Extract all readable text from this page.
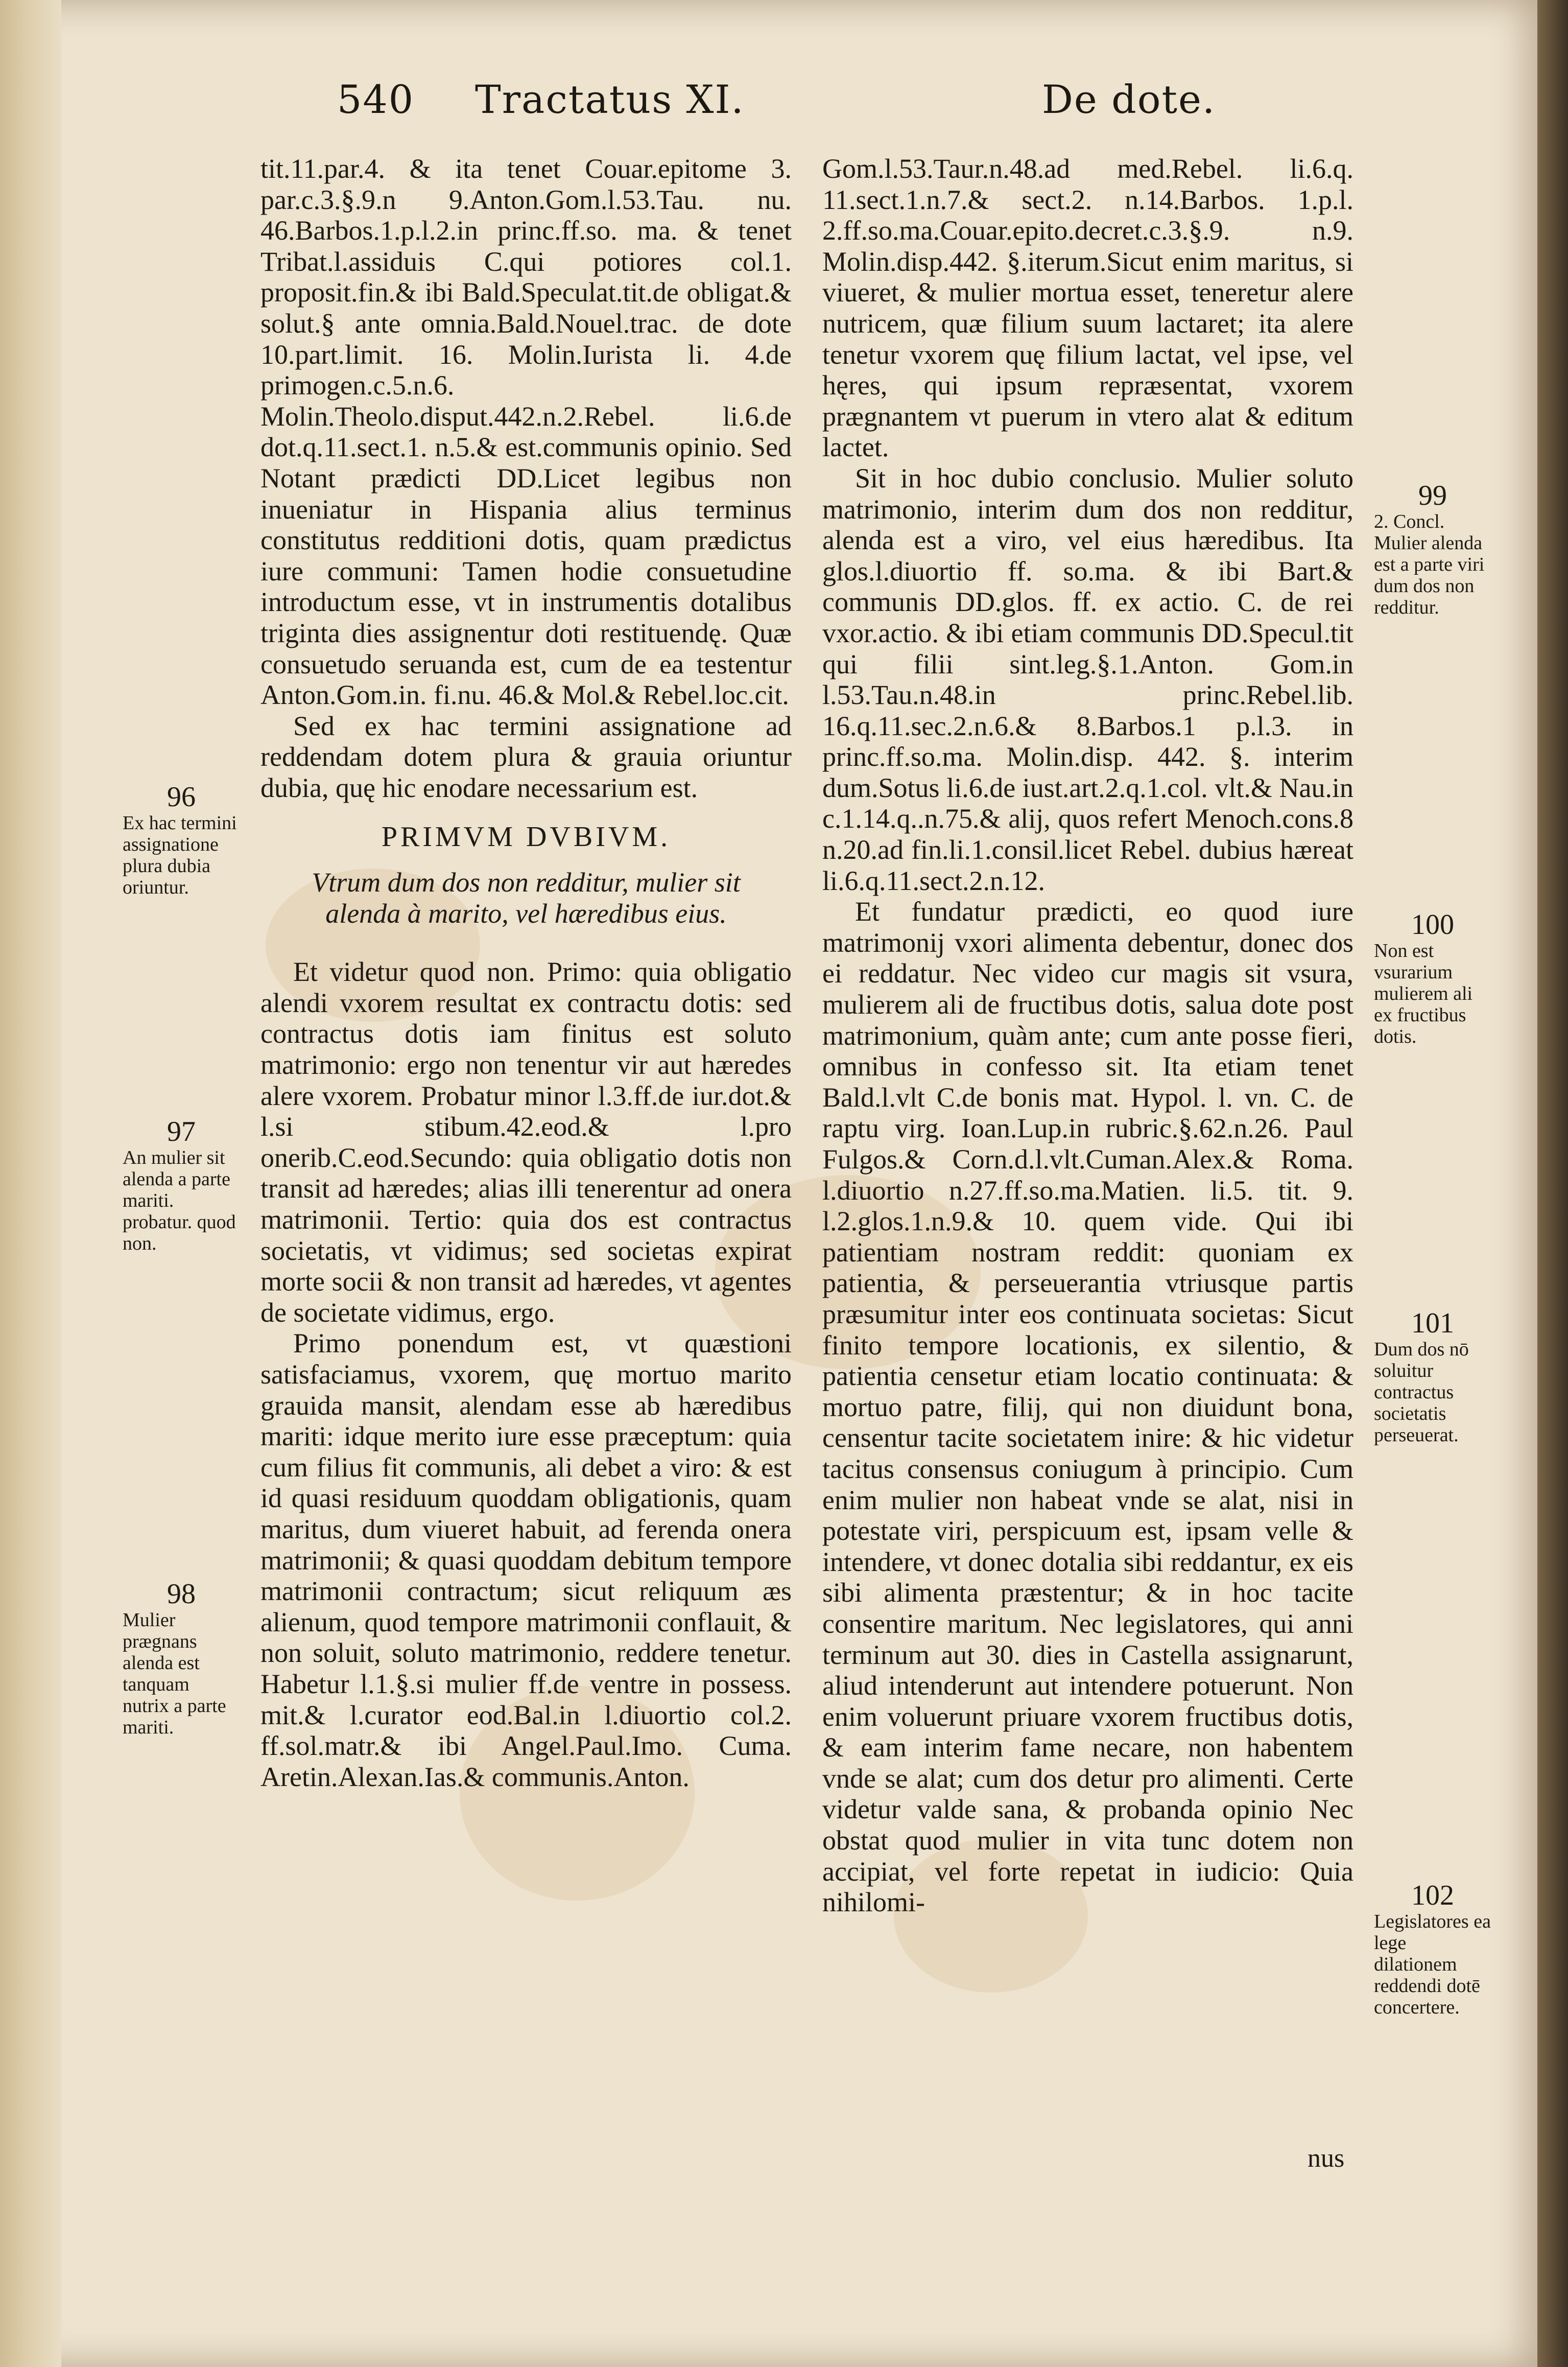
540 Tractatus XI.	De dote.
96
Ex hac termini assignatione plura dubia oriuntur.
97
An mulier sit alenda a parte mariti. probatur. quod non.
98
Mulier prægnans alenda est tanquam nutrix a parte mariti.

tit.11.par.4. & ita tenet Couar.epitome 3. par.c.3.§.9.n 9.Anton.Gom.l.53.Tau. nu. 46.Barbos.1.p.l.2.in princ.ff.so. ma. & tenet Tribat.l.assiduis C.qui potiores col.1. proposit.fin.& ibi Bald.Speculat.tit.de obligat.& solut.§ ante omnia.Bald.Nouel.trac. de dote 10.part.limit. 16. Molin.Iurista li. 4.de primogen.c.5.n.6. Molin.Theolo.disput.442.n.2.Rebel. li.6.de dot.q.11.sect.1. n.5.& est.communis opinio. Sed Notant prædicti DD.Licet legibus non inueniatur in Hispania alius terminus constitutus redditioni dotis, quam prædictus iure communi: Tamen hodie consuetudine introductum esse, vt in instrumentis dotalibus triginta dies assignentur doti restituendę. Quæ consuetudo seruanda est, cum de ea testentur Anton.Gom.in. fi.nu. 46.& Mol.& Rebel.loc.cit.

Sed ex hac termini assignatione ad reddendam dotem plura & grauia oriuntur dubia, quę hic enodare necessarium est.

PRIMVM DVBIVM.

Vtrum dum dos non redditur, mulier sit alenda à marito, vel hæredibus eius.

Et videtur quod non. Primo: quia obligatio alendi vxorem resultat ex contractu dotis: sed contractus dotis iam finitus est soluto matrimonio: ergo non tenentur vir aut hæredes alere vxorem. Probatur minor l.3.ff.de iur.dot.& l.si stibum.42.eod.& l.pro onerib.C.eod.Secundo: quia obligatio dotis non transit ad hæredes; alias illi tenerentur ad onera matrimonii. Tertio: quia dos est contractus societatis, vt vidimus; sed societas expirat morte socii & non transit ad hæredes, vt agentes de societate vidimus, ergo.

Primo ponendum est, vt quæstioni satisfaciamus, vxorem, quę mortuo marito grauida mansit, alendam esse ab hæredibus mariti: idque merito iure esse præceptum: quia cum filius fit communis, ali debet a viro: & est id quasi residuum quoddam obligationis, quam maritus, dum viueret habuit, ad ferenda onera matrimonii; & quasi quoddam debitum tempore matrimonii contractum; sicut reliquum æs alienum, quod tempore matrimonii conflauit, & non soluit, soluto matrimonio, reddere tenetur. Habetur l.1.§.si mulier ff.de ventre in possess. mit.& l.curator eod.Bal.in l.diuortio col.2. ff.sol.matr.& ibi Angel.Paul.Imo. Cuma. Aretin.Alexan.Ias.& communis.Anton.

Gom.l.53.Taur.n.48.ad med.Rebel. li.6.q. 11.sect.1.n.7.& sect.2. n.14.Barbos. 1.p.l. 2.ff.so.ma.Couar.epito.decret.c.3.§.9. n.9. Molin.disp.442. §.iterum.Sicut enim maritus, si viueret, & mulier mortua esset, teneretur alere nutricem, quæ filium suum lactaret; ita alere tenetur vxorem quę filium lactat, vel ipse, vel hęres, qui ipsum repræsentat, vxorem prægnantem vt puerum in vtero alat & editum lactet.

Sit in hoc dubio conclusio. Mulier soluto matrimonio, interim dum dos non redditur, alenda est a viro, vel eius hæredibus. Ita glos.l.diuortio ff. so.ma. & ibi Bart.& communis DD.glos. ff. ex actio. C. de rei vxor.actio. & ibi etiam communis DD.Specul.tit qui filii sint.leg.§.1.Anton. Gom.in l.53.Tau.n.48.in princ.Rebel.lib. 16.q.11.sec.2.n.6.& 8.Barbos.1 p.l.3. in princ.ff.so.ma. Molin.disp. 442. §. interim dum.Sotus li.6.de iust.art.2.q.1.col. vlt.& Nau.in c.1.14.q..n.75.& alij, quos refert Menoch.cons.8 n.20.ad fin.li.1.consil.licet Rebel. dubius hæreat li.6.q.11.sect.2.n.12.

Et fundatur prædicti, eo quod iure matrimonij vxori alimenta debentur, donec dos ei reddatur. Nec video cur magis sit vsura, mulierem ali de fructibus dotis, salua dote post matrimonium, quàm ante; cum ante posse fieri, omnibus in confesso sit. Ita etiam tenet Bald.l.vlt C.de bonis mat. Hypol. l. vn. C. de raptu virg. Ioan.Lup.in rubric.§.62.n.26. Paul Fulgos.& Corn.d.l.vlt.Cuman.Alex.& Roma. l.diuortio n.27.ff.so.ma.Matien. li.5. tit. 9. l.2.glos.1.n.9.& 10. quem vide. Qui ibi patientiam nostram reddit: quoniam ex patientia, & perseuerantia vtriusque partis præsumitur inter eos continuata societas: Sicut finito tempore locationis, ex silentio, & patientia censetur etiam locatio continuata: & mortuo patre, filij, qui non diuidunt bona, censentur tacite societatem inire: & hic videtur tacitus consensus coniugum à principio. Cum enim mulier non habeat vnde se alat, nisi in potestate viri, perspicuum est, ipsam velle & intendere, vt donec dotalia sibi reddantur, ex eis sibi alimenta præstentur; & in hoc tacite consentire maritum. Nec legislatores, qui anni terminum aut 30. dies in Castella assignarunt, aliud intenderunt aut intendere potuerunt. Non enim voluerunt priuare vxorem fructibus dotis, & eam interim fame necare, non habentem vnde se alat; cum dos detur pro alimenti. Certe videtur valde sana, & probanda opinio Nec obstat quod mulier in vita tunc dotem non accipiat, vel forte repetat in iudicio: Quia nihilomi-

nus
99
2. Concl. Mulier alenda est a parte viri dum dos non redditur.
100
Non est vsurarium mulierem ali ex fructibus dotis.
101
Dum dos nō soluitur contractus societatis perseuerat.
102
Legislatores ea lege dilationem reddendi dotē concertere.
